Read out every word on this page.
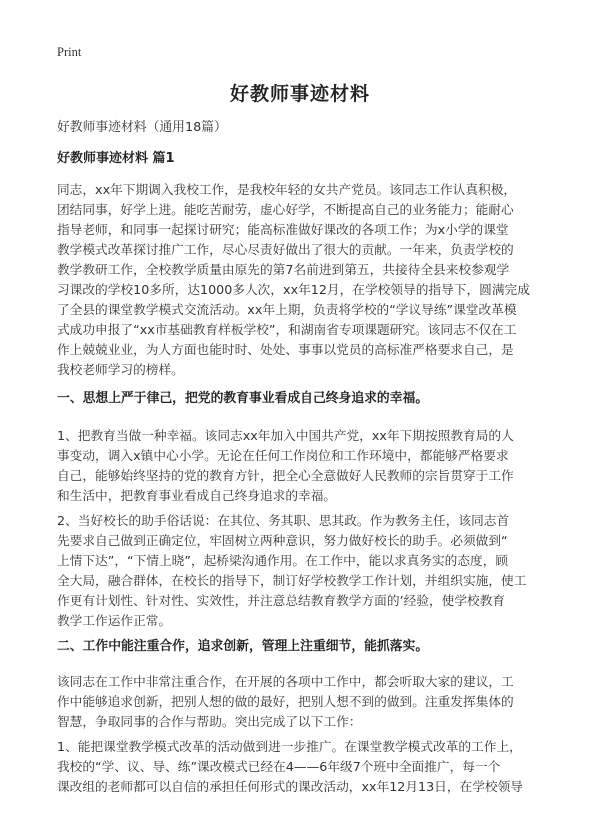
Print
好教师事迹材料
好教师事迹材料（通用18篇）
好教师事迹材料 篇1
同志，xx年下期调入我校工作，是我校年轻的女共产党员。该同志工作认真积极，
团结同事，好学上进。能吃苦耐劳，虚心好学，不断提高自己的业务能力；能耐心
指导老师，和同事一起探讨研究；能高标准做好课改的各项工作；为x小学的课堂
教学模式改革探讨推广工作，尽心尽责好做出了很大的贡献。一年来，负责学校的
教学教研工作，全校教学质量由原先的第7名前进到第五，共接待全县来校参观学
习课改的学校10多所，达1000多人次，xx年12月，在学校领导的指导下，圆满完成
了全县的课堂教学模式交流活动。xx年上期，负责将学校的“学议导练”课堂改革模
式成功申报了“xx市基础教育样板学校”，和湖南省专项课题研究。该同志不仅在工
作上兢兢业业，为人方面也能时时、处处、事事以党员的高标准严格要求自己，是
我校老师学习的榜样。
一、思想上严于律己，把党的教育事业看成自己终身追求的幸福。
1、把教育当做一种幸福。该同志xx年加入中国共产党，xx年下期按照教育局的人
事变动，调入x镇中心小学。无论在任何工作岗位和工作环境中，都能够严格要求
自己，能够始终坚持的党的教育方针，把全心全意做好人民教师的宗旨贯穿于工作
和生活中，把教育事业看成自己终身追求的幸福。
2、当好校长的助手俗话说：在其位、务其职、思其政。作为教务主任，该同志首
先要求自己做到正确定位，牢固树立两种意识，努力做好校长的助手。必须做到“
上情下达”，“下情上晓”，起桥梁沟通作用。在工作中，能以求真务实的态度，顾
全大局，融合群体，在校长的指导下，制订好学校教学工作计划，并组织实施，使工
作更有计划性、针对性、实效性，并注意总结教育教学方面的’经验，使学校教育
教学工作运作正常。
二、工作中能注重合作，追求创新，管理上注重细节，能抓落实。
该同志在工作中非常注重合作，在开展的各项中工作中，都会听取大家的建议，工
作中能够追求创新，把别人想的做的最好，把别人想不到的做到。注重发挥集体的
智慧，争取同事的合作与帮助。突出完成了以下工作：
1、能把课堂教学模式改革的活动做到进一步推广。在课堂教学模式改革的工作上，
我校的“学、议、导、练”课改模式已经在4——6年级7个班中全面推广，每一个
课改组的老师都可以自信的承担任何形式的课改活动，xx年12月13日，在学校领导
